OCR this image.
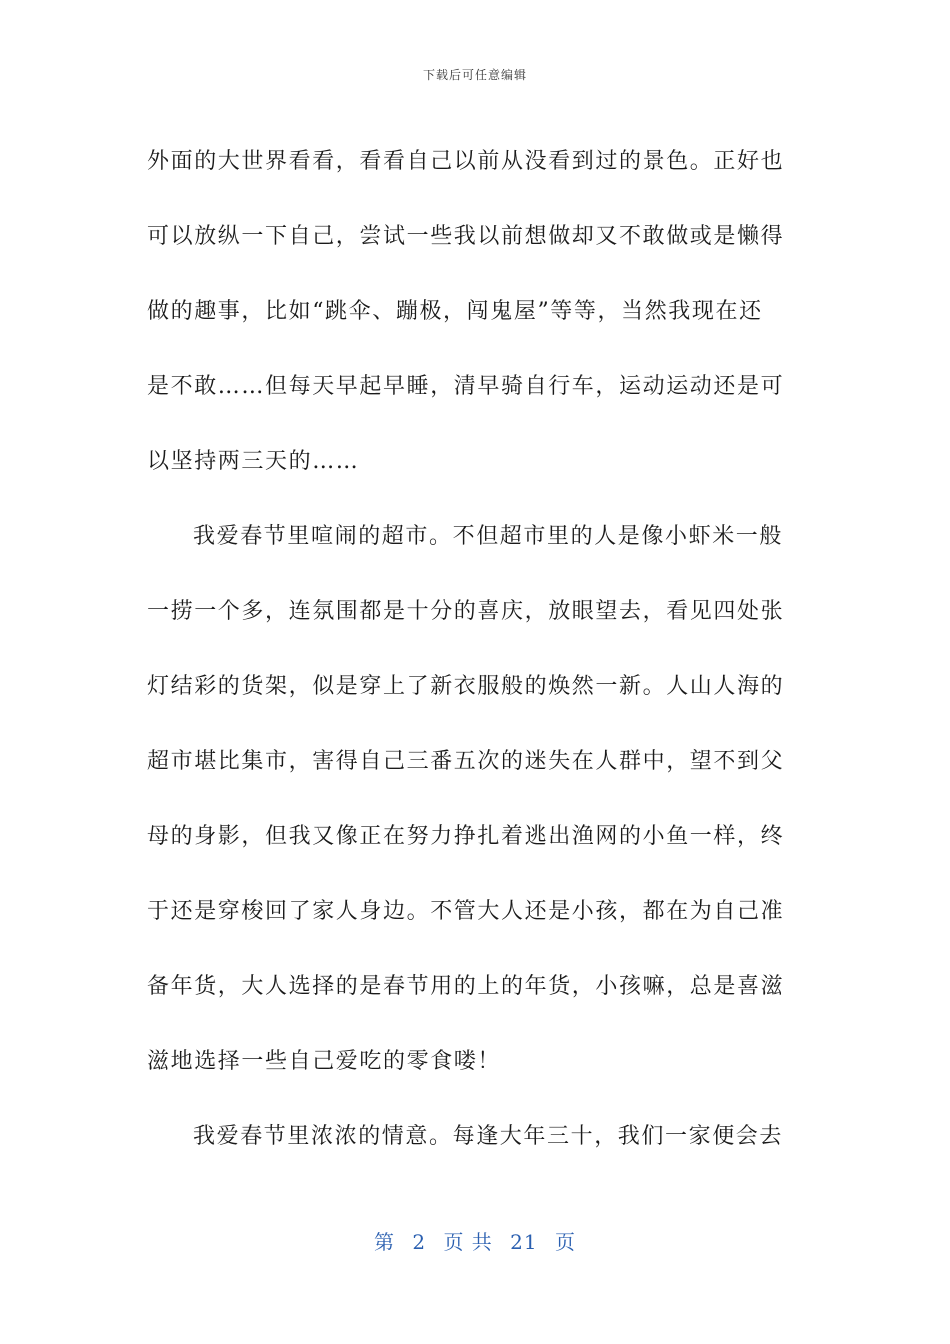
下载后可任意编辑

外面的大世界看看，看看自己以前从没看到过的景色。正好也
可以放纵一下自己，尝试一些我以前想做却又不敢做或是懒得
做的趣事，比如“跳伞、蹦极，闯鬼屋”等等，当然我现在还
是不敢……但每天早起早睡，清早骑自行车，运动运动还是可
以坚持两三天的……

我爱春节里喧闹的超市。不但超市里的人是像小虾米一般
一捞一个多，连氛围都是十分的喜庆，放眼望去，看见四处张
灯结彩的货架，似是穿上了新衣服般的焕然一新。人山人海的
超市堪比集市，害得自己三番五次的迷失在人群中，望不到父
母的身影，但我又像正在努力挣扎着逃出渔网的小鱼一样，终
于还是穿梭回了家人身边。不管大人还是小孩，都在为自己准
备年货，大人选择的是春节用的上的年货，小孩嘛，总是喜滋
滋地选择一些自己爱吃的零食喽！

我爱春节里浓浓的情意。每逢大年三十，我们一家便会去

第 2 页 共 21 页
